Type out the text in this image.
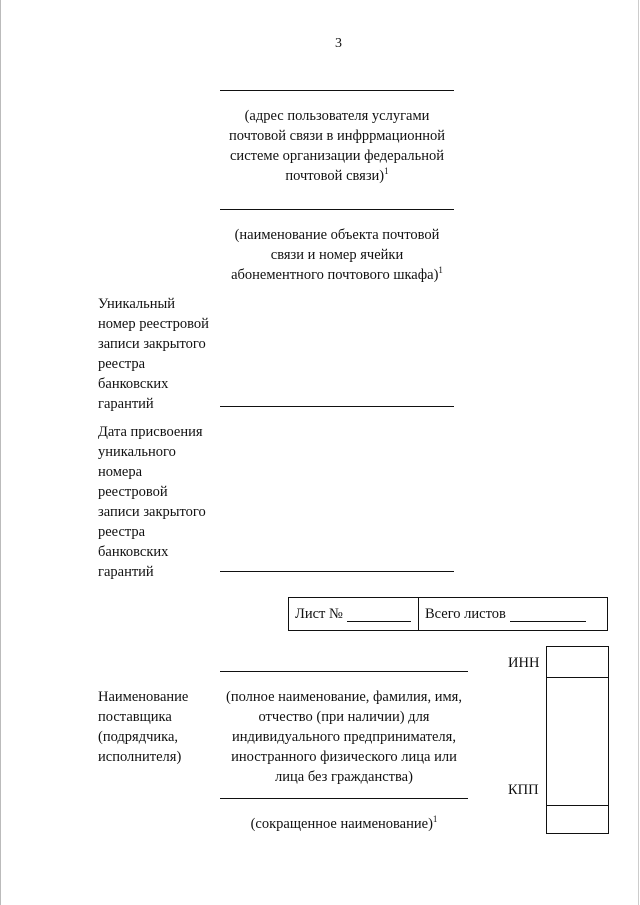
3
(адрес пользователя услугами
почтовой связи в инфррмационной
системе организации федеральной
почтовой связи)$^1$
(наименование объекта почтовой
связи и номер ячейки
абонементного почтового шкафа)$^1$
Уникальный
номер реестровой
записи закрытого
реестра
банковских
гарантий
Дата присвоения
уникального
номера
реестровой
записи закрытого
реестра
банковских
гарантий
Лист №	Всего листов
Наименование
поставщика
(подрядчика,
исполнителя)
(полное наименование, фамилия, имя,
отчество (при наличии) для
индивидуального предпринимателя,
иностранного физического лица или
лица без гражданства)
(сокращенное наименование)$^1$
ИНН
КПП
